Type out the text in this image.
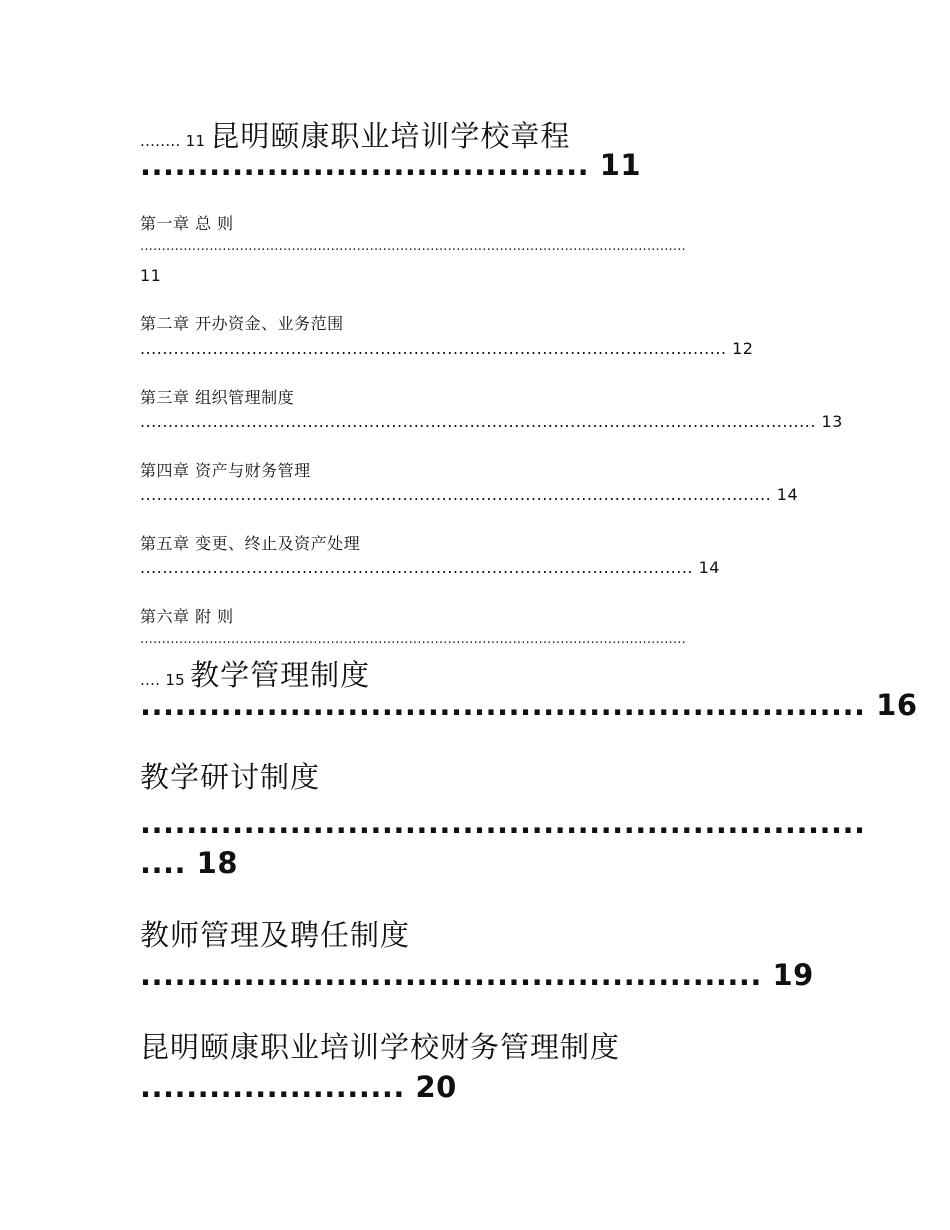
........ 11 昆明颐康职业培训学校章程
....................................... 11
第一章 总 则
..............................................................................................................................
11
第二章 开办资金、业务范围
......................................................................................................... 12
第三章 组织管理制度
......................................................................................................................... 13
第四章 资产与财务管理
................................................................................................................. 14
第五章 变更、终止及资产处理
................................................................................................... 14
第六章 附 则
..............................................................................................................................
.... 15 教学管理制度
............................................................... 16
教学研讨制度
...............................................................
.... 18
教师管理及聘任制度
...................................................... 19
昆明颐康职业培训学校财务管理制度
....................... 20
